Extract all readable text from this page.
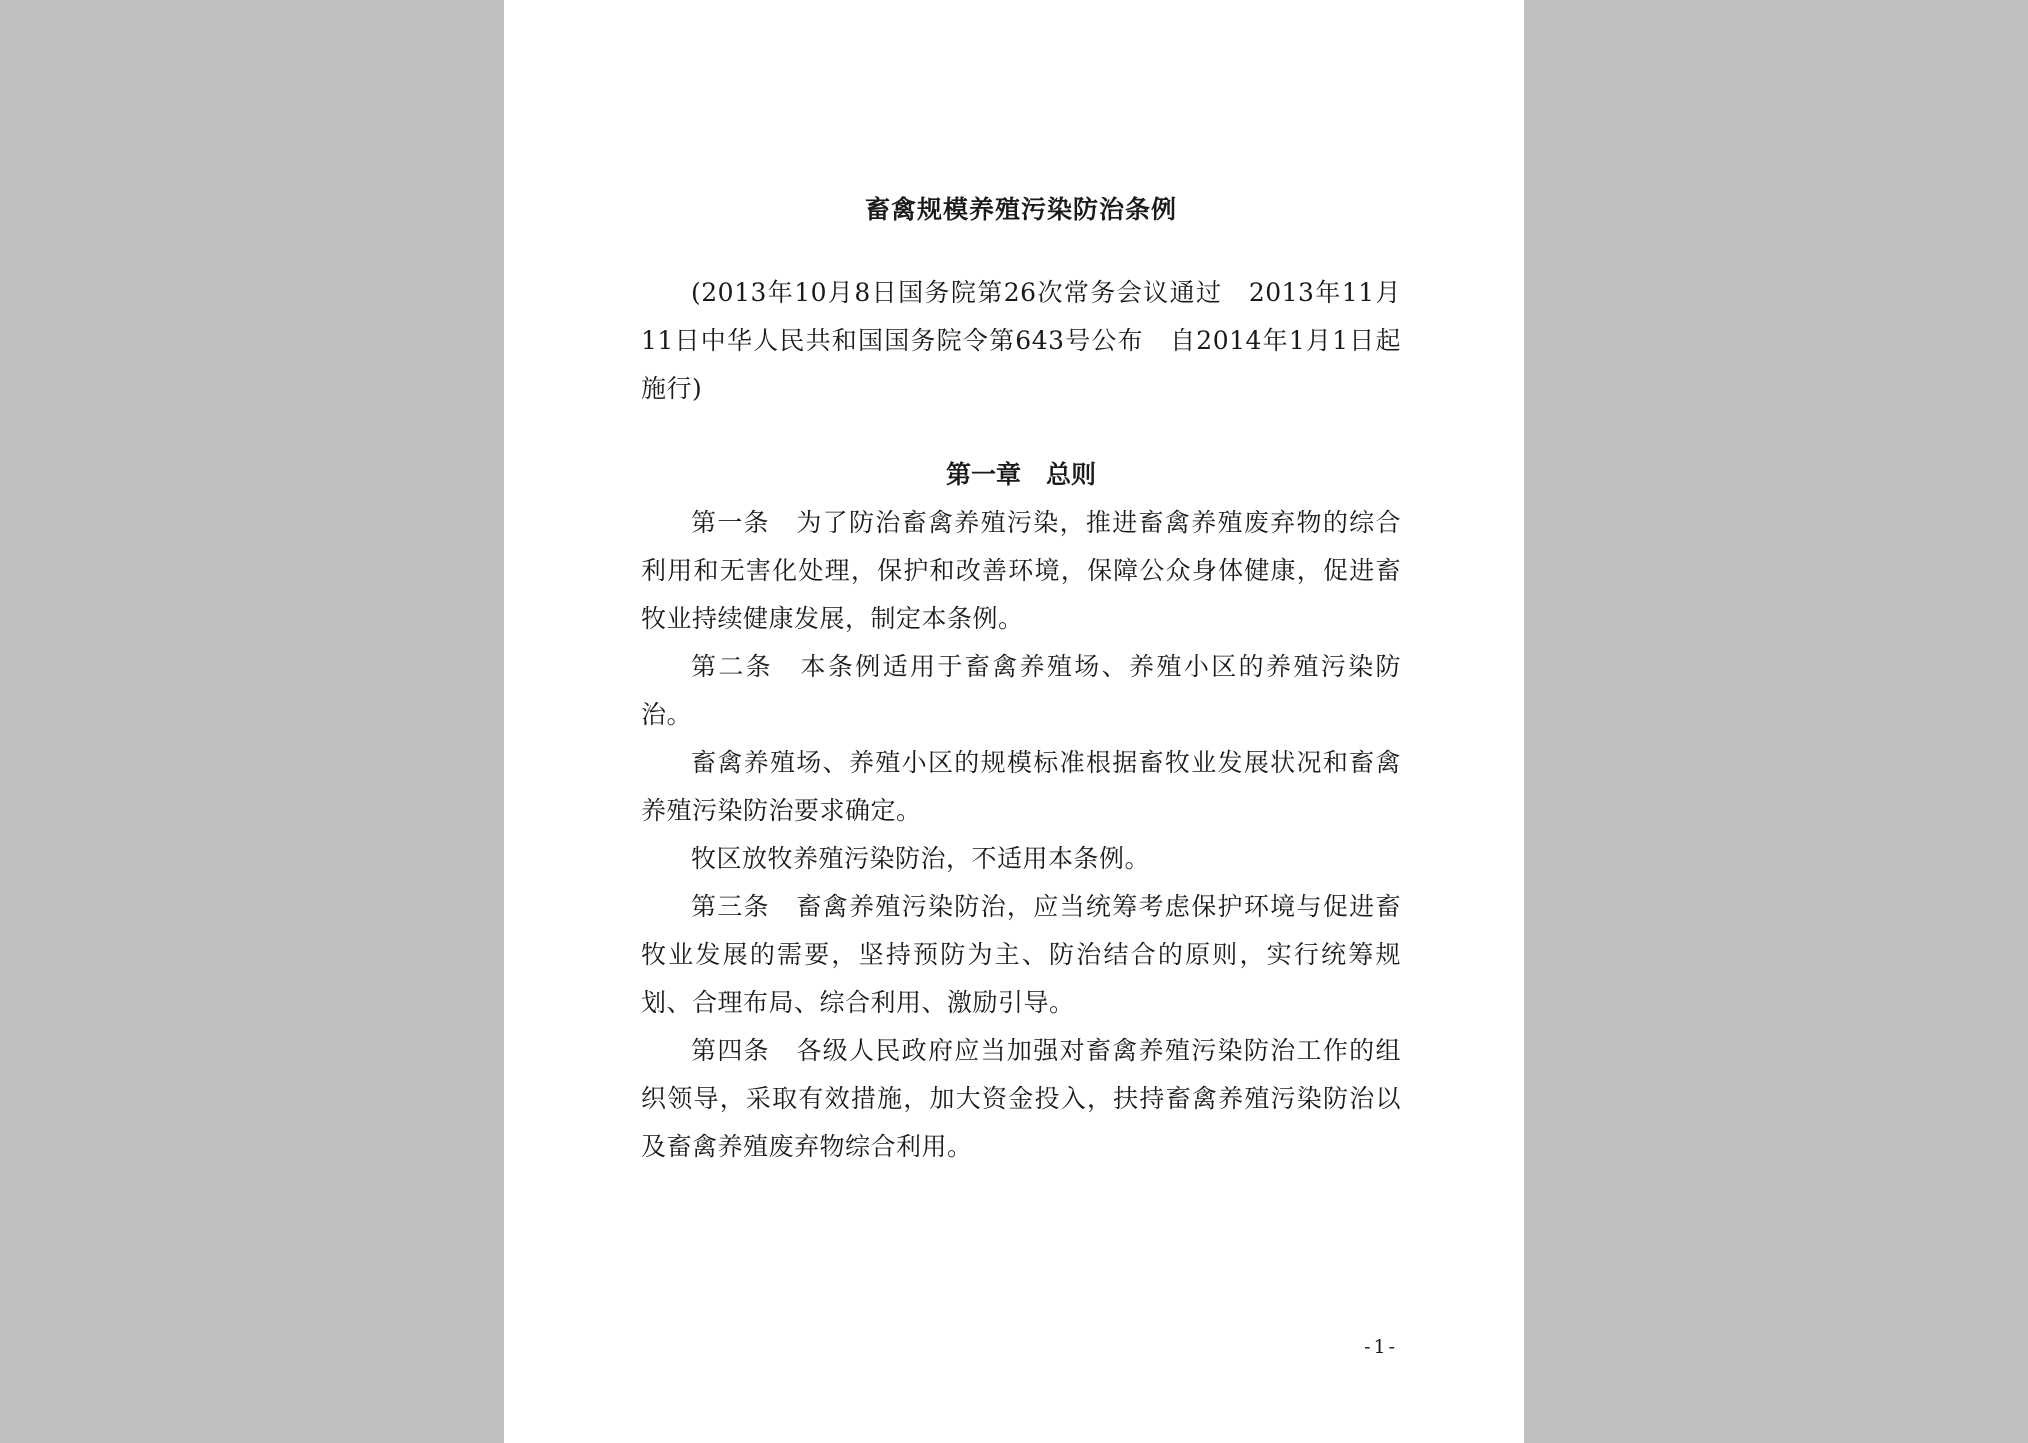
畜禽规模养殖污染防治条例

(2013年10月8日国务院第26次常务会议通过　2013年11月11日中华人民共和国国务院令第643号公布　自2014年1月1日起施行)

第一章　总则

第一条　为了防治畜禽养殖污染，推进畜禽养殖废弃物的综合利用和无害化处理，保护和改善环境，保障公众身体健康，促进畜牧业持续健康发展，制定本条例。

第二条　本条例适用于畜禽养殖场、养殖小区的养殖污染防治。

畜禽养殖场、养殖小区的规模标准根据畜牧业发展状况和畜禽养殖污染防治要求确定。

牧区放牧养殖污染防治，不适用本条例。

第三条　畜禽养殖污染防治，应当统筹考虑保护环境与促进畜牧业发展的需要，坚持预防为主、防治结合的原则，实行统筹规划、合理布局、综合利用、激励引导。

第四条　各级人民政府应当加强对畜禽养殖污染防治工作的组织领导，采取有效措施，加大资金投入，扶持畜禽养殖污染防治以及畜禽养殖废弃物综合利用。

-1-
